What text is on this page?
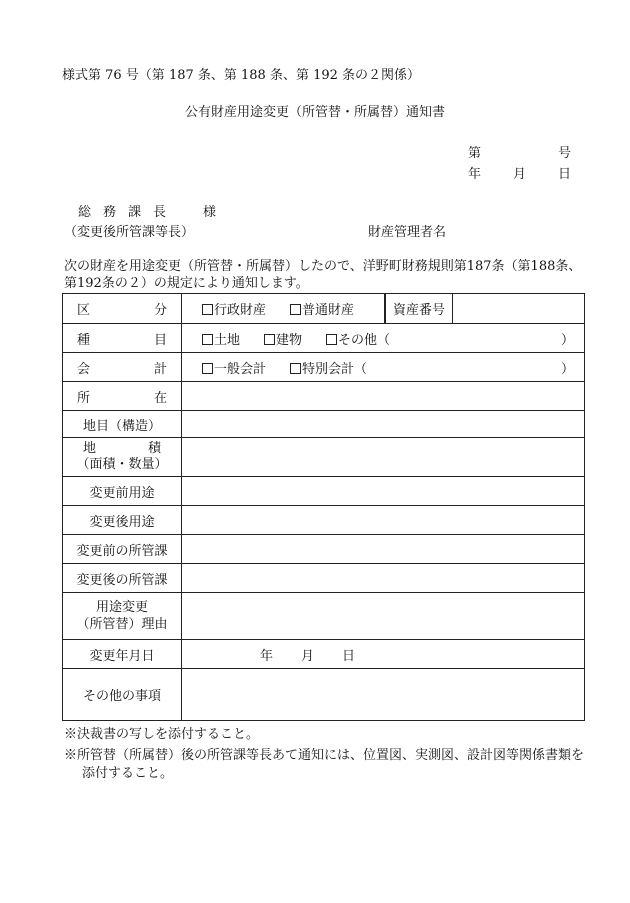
様式第 76 号（第 187 条、第 188 条、第 192 条の２関係）
公有財産用途変更（所管替・所属替）通知書
第	号
年 月 日
総務課長　様
（変更後所管課等長）	財産管理者名
次の財産を用途変更（所管替・所属替）したので、洋野町財務規則第187条（第188条、第192条の２）の規定により通知します。
区 分	行政財産 普通財産	資産番号

種 目	土地 建物 その他（ ）	

会 計	一般会計 特別会計（ ）	

所 在		

地目（構造）		

地 積
（面積・数量）		

変更前用途		
変更後用途		
変更前の所管課		
変更後の所管課		

用途変更
（所管替）理由		

変更年月日	年 月 日	
その他の事項		
※決裁書の写しを添付すること。
※所管替（所属替）後の所管課等長あて通知には、位置図、実測図、設計図等関係書類を添付すること。
